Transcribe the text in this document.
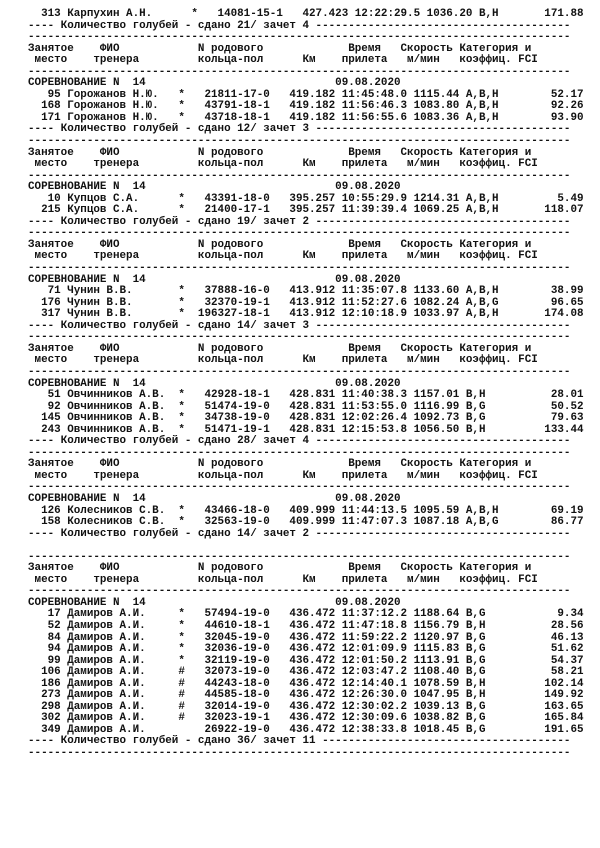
313 Карпухин А.Н.      *   14081-15-1   427.423 12:22:29.5 1036.20 B,H       171.88
---- Количество голубей - сдано 21/ зачет 4 ---------------------------------------
-----------------------------------------------------------------------------------
Занятое    ФИО            N родового             Время   Скорость Категория и
место    тренера         кольца-пол      Км    прилета   м/мин   коэффиц. FCI
-----------------------------------------------------------------------------------
СОРЕВНОВАНИЕ N  14                             09.08.2020
95 Горожанов Н.Ю.   *   21811-17-0   419.182 11:45:48.0 1115.44 A,B,H        52.17
168 Горожанов Н.Ю.   *   43791-18-1   419.182 11:56:46.3 1083.80 A,B,H        92.26
171 Горожанов Н.Ю.   *   43718-18-1   419.182 11:56:55.6 1083.36 A,B,H        93.90
---- Количество голубей - сдано 12/ зачет 3 ---------------------------------------
-----------------------------------------------------------------------------------
Занятое    ФИО            N родового             Время   Скорость Категория и
место    тренера         кольца-пол      Км    прилета   м/мин   коэффиц. FCI
-----------------------------------------------------------------------------------
СОРЕВНОВАНИЕ N  14                             09.08.2020
10 Купцов С.А.      *   43391-18-0   395.257 10:55:29.9 1214.31 A,B,H         5.49
215 Купцов С.А.      *   21400-17-1   395.257 11:39:39.4 1069.25 A,B,H       118.07
---- Количество голубей - сдано 19/ зачет 2 ---------------------------------------
-----------------------------------------------------------------------------------
Занятое    ФИО            N родового             Время   Скорость Категория и
место    тренера         кольца-пол      Км    прилета   м/мин   коэффиц. FCI
-----------------------------------------------------------------------------------
СОРЕВНОВАНИЕ N  14                             09.08.2020
71 Чунин В.В.       *   37888-16-0   413.912 11:35:07.8 1133.60 A,B,H        38.99
176 Чунин В.В.       *   32370-19-1   413.912 11:52:27.6 1082.24 A,B,G        96.65
317 Чунин В.В.       *  196327-18-1   413.912 12:10:18.9 1033.97 A,B,H       174.08
---- Количество голубей - сдано 14/ зачет 3 ---------------------------------------
-----------------------------------------------------------------------------------
Занятое    ФИО            N родового             Время   Скорость Категория и
место    тренера         кольца-пол      Км    прилета   м/мин   коэффиц. FCI
-----------------------------------------------------------------------------------
СОРЕВНОВАНИЕ N  14                             09.08.2020
51 Овчинников А.В.  *   42928-18-1   428.831 11:40:38.3 1157.01 B,H          28.01
92 Овчинников А.В.  *   51474-19-0   428.831 11:53:55.0 1116.99 B,G          50.52
145 Овчинников А.В.  *   34738-19-0   428.831 12:02:26.4 1092.73 B,G          79.63
243 Овчинников А.В.  *   51471-19-1   428.831 12:15:53.8 1056.50 B,H         133.44
---- Количество голубей - сдано 28/ зачет 4 ---------------------------------------
-----------------------------------------------------------------------------------
Занятое    ФИО            N родового             Время   Скорость Категория и
место    тренера         кольца-пол      Км    прилета   м/мин   коэффиц. FCI
-----------------------------------------------------------------------------------
СОРЕВНОВАНИЕ N  14                             09.08.2020
126 Колесников С.В.  *   43466-18-0   409.999 11:44:13.5 1095.59 A,B,H        69.19
158 Колесников С.В.  *   32563-19-0   409.999 11:47:07.3 1087.18 A,B,G        86.77
---- Количество голубей - сдано 14/ зачет 2 ---------------------------------------

-----------------------------------------------------------------------------------
Занятое    ФИО            N родового             Время   Скорость Категория и
место    тренера         кольца-пол      Км    прилета   м/мин   коэффиц. FCI
-----------------------------------------------------------------------------------
СОРЕВНОВАНИЕ N  14                             09.08.2020
17 Дамиров А.И.     *   57494-19-0   436.472 11:37:12.2 1188.64 B,G           9.34
52 Дамиров А.И.     *   44610-18-1   436.472 11:47:18.8 1156.79 B,H          28.56
84 Дамиров А.И.     *   32045-19-0   436.472 11:59:22.2 1120.97 B,G          46.13
94 Дамиров А.И.     *   32036-19-0   436.472 12:01:09.9 1115.83 B,G          51.62
99 Дамиров А.И.     *   32119-19-0   436.472 12:01:50.2 1113.91 B,G          54.37
106 Дамиров А.И.     #   32073-19-0   436.472 12:03:47.2 1108.40 B,G          58.21
186 Дамиров А.И.     #   44243-18-0   436.472 12:14:40.1 1078.59 B,H         102.14
273 Дамиров А.И.     #   44585-18-0   436.472 12:26:30.0 1047.95 B,H         149.92
298 Дамиров А.И.     #   32014-19-0   436.472 12:30:02.2 1039.13 B,G         163.65
302 Дамиров А.И.     #   32023-19-1   436.472 12:30:09.6 1038.82 B,G         165.84
349 Дамиров А.И.         26922-19-0   436.472 12:38:33.8 1018.45 B,G         191.65
---- Количество голубей - сдано 36/ зачет 11 --------------------------------------
-----------------------------------------------------------------------------------
